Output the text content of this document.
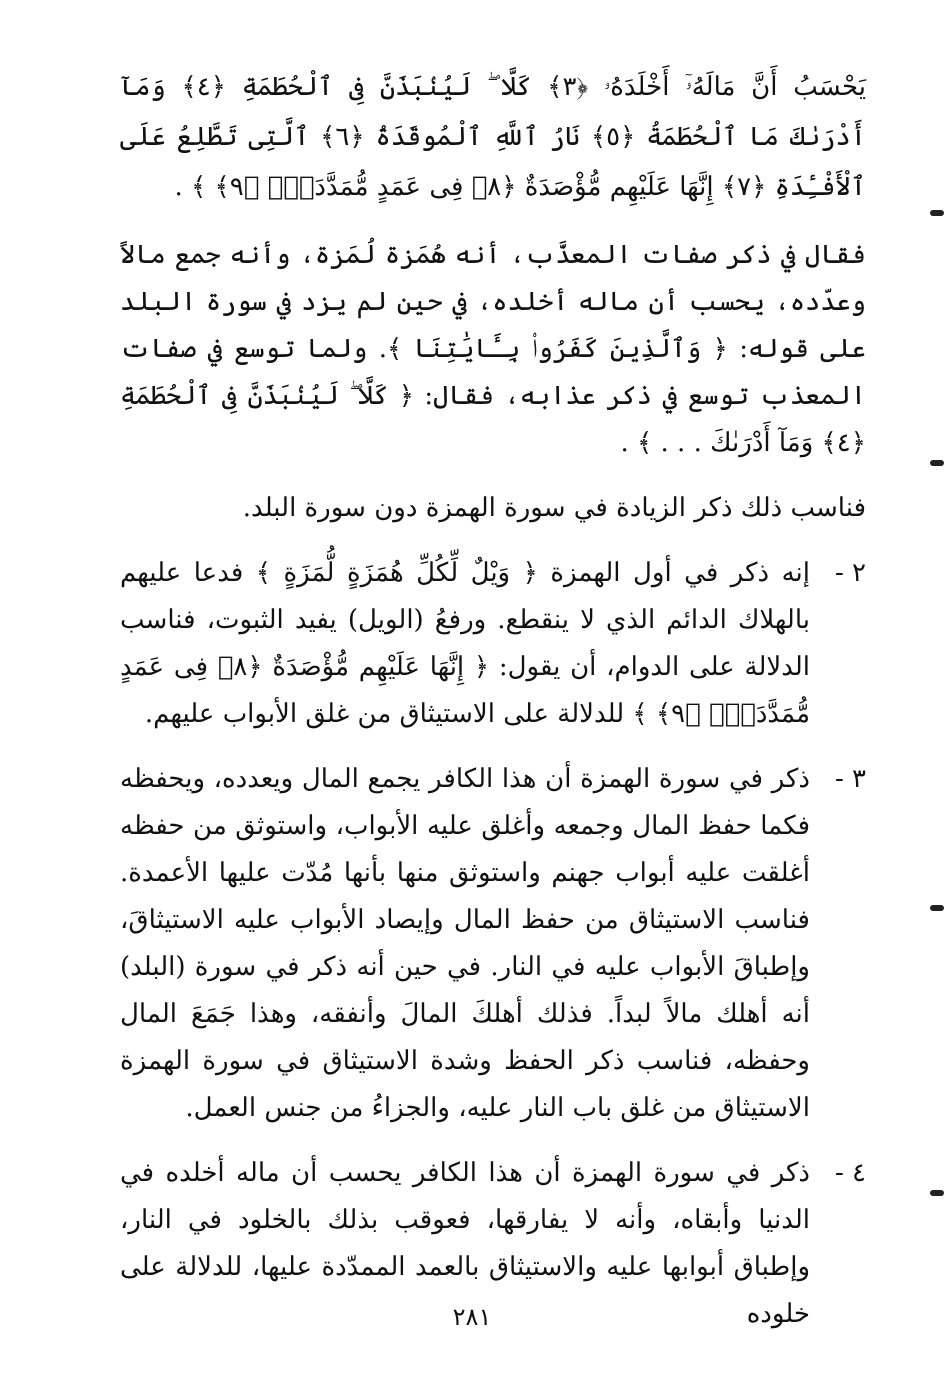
يَحْسَبُ أَنَّ مَالَهُۥٓ أَخْلَدَهُۥ ﴿٣﴾ كَلَّا ۖ لَيُنۢبَذَنَّ فِى ٱلْحُطَمَةِ ﴿٤﴾ وَمَآ أَدْرَىٰكَ مَا ٱلْحُطَمَةُ ﴿٥﴾ نَارُ ٱللَّهِ ٱلْمُوقَدَةُ ﴿٦﴾ ٱلَّتِى تَطَّلِعُ عَلَى ٱلْأَفْـِٔدَةِ ﴿٧﴾ إِنَّهَا عَلَيْهِم مُّؤْصَدَةٌ ﴿٨﴾ فِى عَمَدٍ مُّمَدَّدَةٍۭ ﴿٩﴾ ﴾ .

فقال في ذكر صفات المعذَّب، أنه هُمَزة لُمَزة، وأنه جمع مالاً وعدّده، يحسب أن ماله أخلده، في حين لم يزد في سورة البلد على قوله: ﴿ وَٱلَّذِينَ كَفَرُوا۟ بِـَٔايَٰتِنَا ﴾. ولما توسع في صفات المعذب توسع في ذكر عذابه، فقال: ﴿ كَلَّا ۖ لَيُنۢبَذَنَّ فِى ٱلْحُطَمَةِ ﴿٤﴾ وَمَآ أَدْرَىٰكَ . . . ﴾ .

فناسب ذلك ذكر الزيادة في سورة الهمزة دون سورة البلد.

٢ -
إنه ذكر في أول الهمزة ﴿ وَيْلٌ لِّكُلِّ هُمَزَةٍ لُّمَزَةٍ ﴾ فدعا عليهم بالهلاك الدائم الذي لا ينقطع. ورفعُ (الويل) يفيد الثبوت، فناسب الدلالة على الدوام، أن يقول: ﴿ إِنَّهَا عَلَيْهِم مُّؤْصَدَةٌ ﴿٨﴾ فِى عَمَدٍ مُّمَدَّدَةٍۭ ﴿٩﴾ ﴾ للدلالة على الاستيثاق من غلق الأبواب عليهم.
٣ -
ذكر في سورة الهمزة أن هذا الكافر يجمع المال ويعدده، ويحفظه فكما حفظ المال وجمعه وأغلق عليه الأبواب، واستوثق من حفظه أغلقت عليه أبواب جهنم واستوثق منها بأنها مُدّت عليها الأعمدة. فناسب الاستيثاق من حفظ المال وإيصاد الأبواب عليه الاستيثاقَ، وإطباقَ الأبواب عليه في النار. في حين أنه ذكر في سورة (البلد) أنه أهلك مالاً لبداً. فذلك أهلكَ المالَ وأنفقه، وهذا جَمَعَ المال وحفظه، فناسب ذكر الحفظ وشدة الاستيثاق في سورة الهمزة الاستيثاق من غلق باب النار عليه، والجزاءُ من جنس العمل.
٤ -
ذكر في سورة الهمزة أن هذا الكافر يحسب أن ماله أخلده في الدنيا وأبقاه، وأنه لا يفارقها، فعوقب بذلك بالخلود في النار، وإطباق أبوابها عليه والاستيثاق بالعمد الممدّدة عليها، للدلالة على خلوده
٢٨١
